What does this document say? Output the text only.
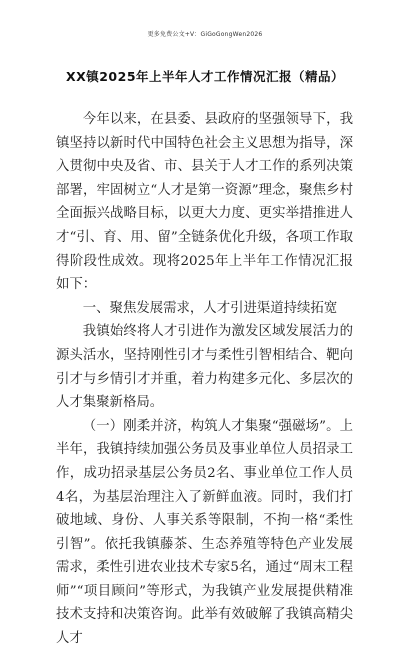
更多免费公文+V：GiGoGongWen2026
XX镇2025年上半年人才工作情况汇报（精品）

今年以来，在县委、县政府的坚强领导下，我镇坚持以新时代中国特色社会主义思想为指导，深入贯彻中央及省、市、县关于人才工作的系列决策部署，牢固树立“人才是第一资源”理念，聚焦乡村全面振兴战略目标，以更大力度、更实举措推进人才“引、育、用、留”全链条优化升级，各项工作取得阶段性成效。现将2025年上半年工作情况汇报如下：

一、聚焦发展需求，人才引进渠道持续拓宽

我镇始终将人才引进作为激发区域发展活力的源头活水，坚持刚性引才与柔性引智相结合、靶向引才与乡情引才并重，着力构建多元化、多层次的人才集聚新格局。

（一）刚柔并济，构筑人才集聚“强磁场”。上半年，我镇持续加强公务员及事业单位人员招录工作，成功招录基层公务员2名、事业单位工作人员4名，为基层治理注入了新鲜血液。同时，我们打破地域、身份、人事关系等限制，不拘一格“柔性引智”。依托我镇藤茶、生态养殖等特色产业发展需求，柔性引进农业技术专家5名，通过“周末工程师”“项目顾问”等形式，为我镇产业发展提供精准技术支持和决策咨询。此举有效破解了我镇高精尖人才
